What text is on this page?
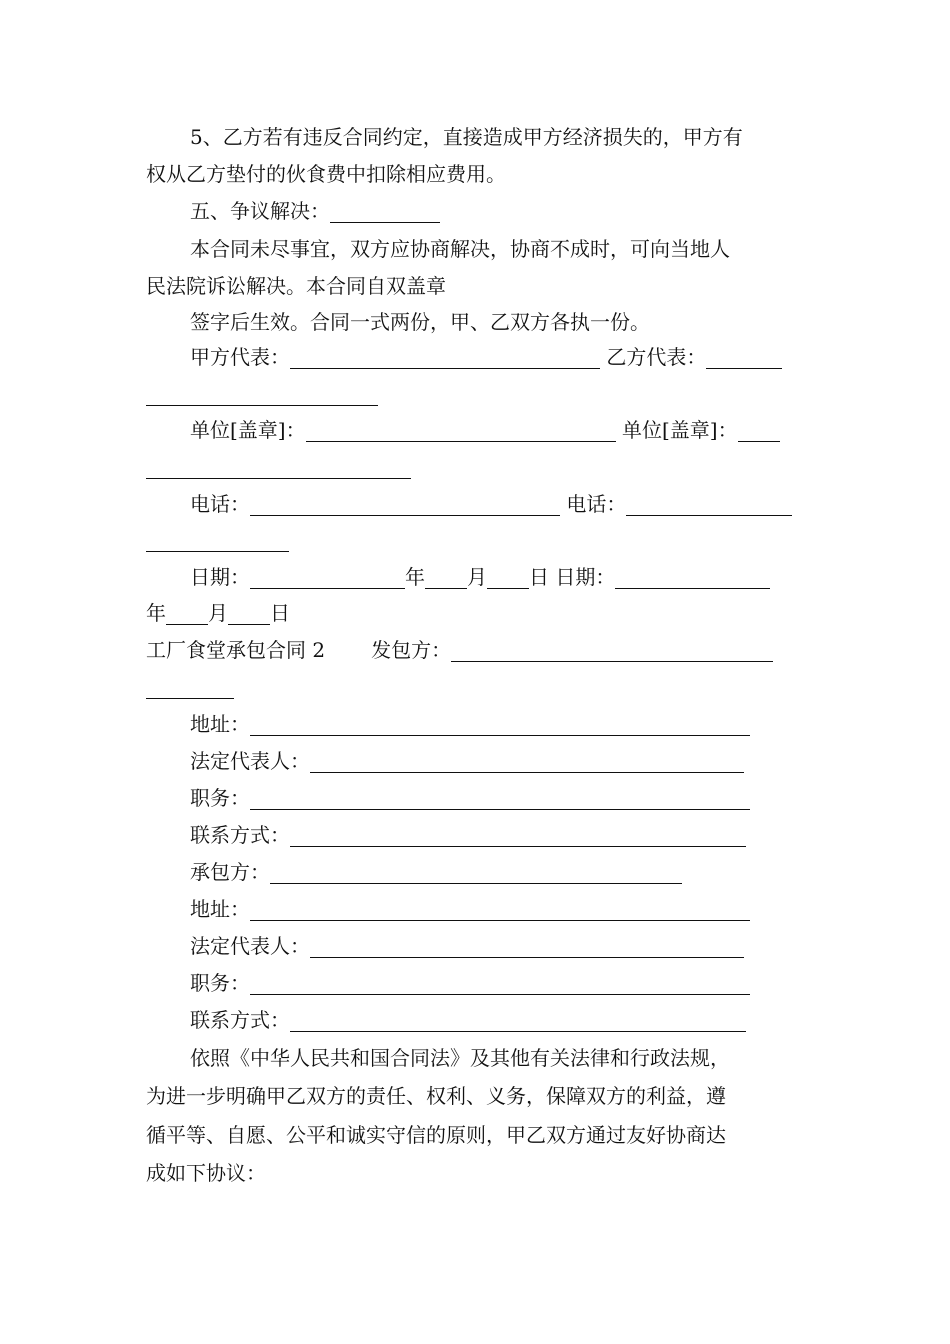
5、乙方若有违反合同约定，直接造成甲方经济损失的，甲方有
权从乙方垫付的伙食费中扣除相应费用。
五、争议解决：
本合同未尽事宜，双方应协商解决，协商不成时，可向当地人
民法院诉讼解决。本合同自双盖章
签字后生效。合同一式两份，甲、乙双方各执一份。
甲方代表：	乙方代表：
单位[盖章]：	单位[盖章]：
电话：	电话：
日期：	年 月 日 日期：
年 月 日
工厂食堂承包合同 2 发包方：
地址：
法定代表人：
职务：
联系方式：
承包方：
地址：
法定代表人：
职务：
联系方式：
依照《中华人民共和国合同法》及其他有关法律和行政法规，
为进一步明确甲乙双方的责任、权利、义务，保障双方的利益，遵
循平等、自愿、公平和诚实守信的原则，甲乙双方通过友好协商达
成如下协议：
